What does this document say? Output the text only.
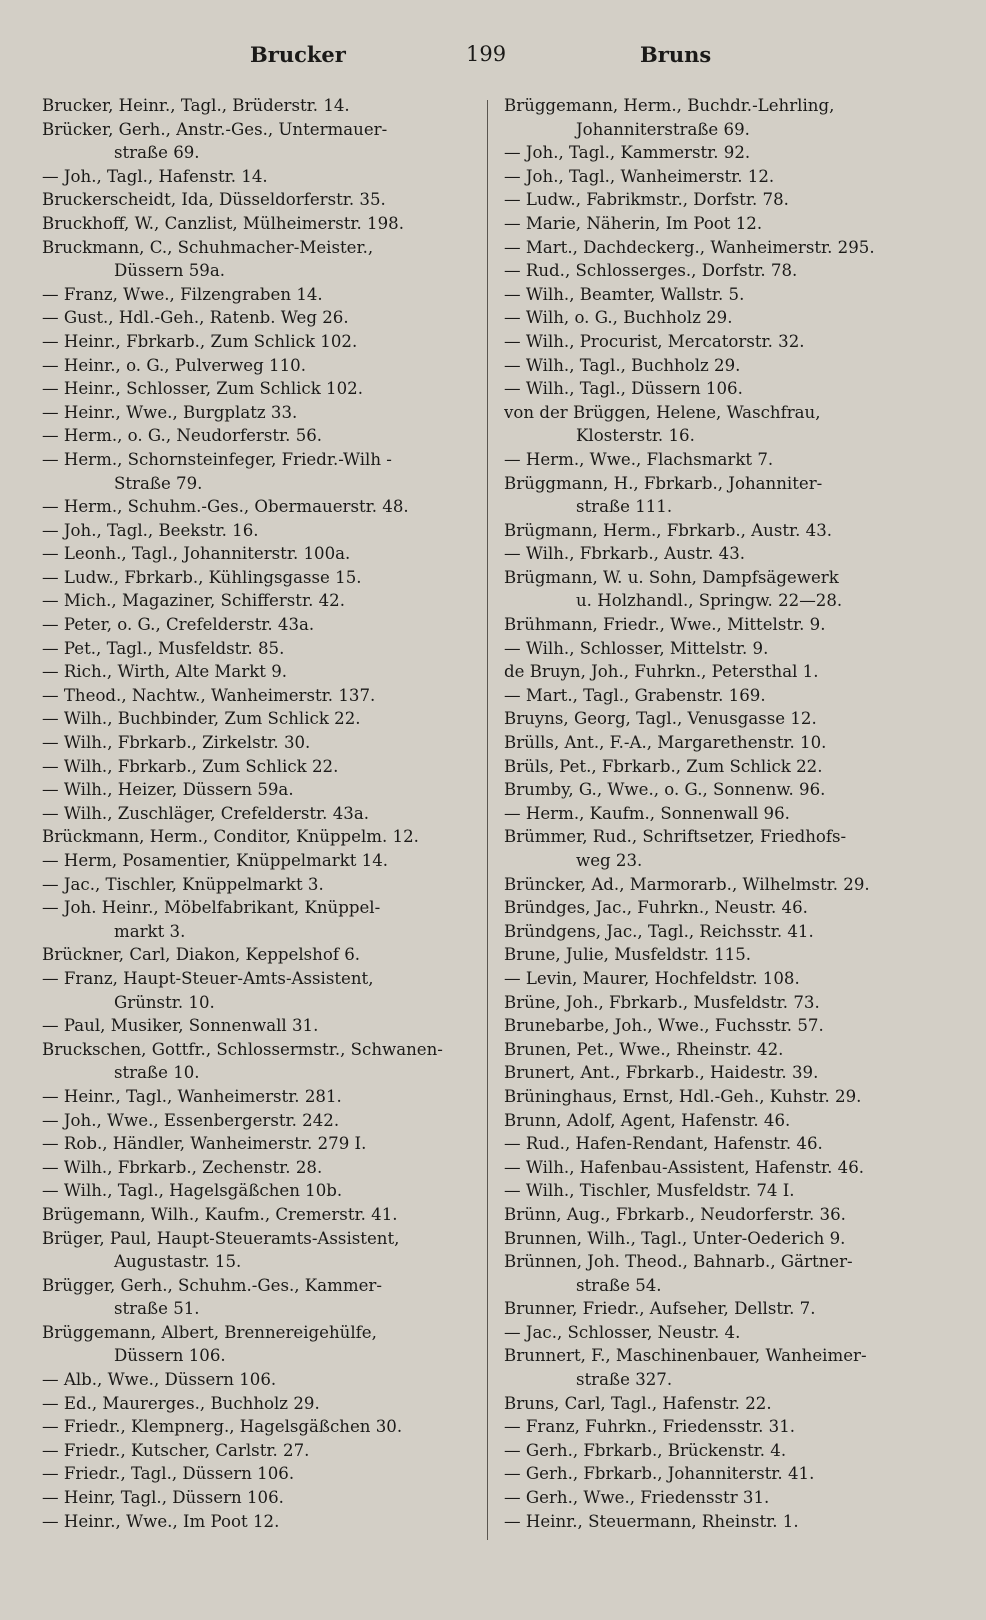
Brucker	199	Bruns
Brucker, Heinr., Tagl., Brüderstr. 14.
Brücker, Gerh., Anstr.-Ges., Untermauer-
straße 69.
— Joh., Tagl., Hafenstr. 14.
Bruckerscheidt, Ida, Düsseldorferstr. 35.
Bruckhoff, W., Canzlist, Mülheimerstr. 198.
Bruckmann, C., Schuhmacher-Meister.,
Düssern 59a.
— Franz, Wwe., Filzengraben 14.
— Gust., Hdl.-Geh., Ratenb. Weg 26.
— Heinr., Fbrkarb., Zum Schlick 102.
— Heinr., o. G., Pulverweg 110.
— Heinr., Schlosser, Zum Schlick 102.
— Heinr., Wwe., Burgplatz 33.
— Herm., o. G., Neudorferstr. 56.
— Herm., Schornsteinfeger, Friedr.-Wilh -
Straße 79.
— Herm., Schuhm.-Ges., Obermauerstr. 48.
— Joh., Tagl., Beekstr. 16.
— Leonh., Tagl., Johanniterstr. 100a.
— Ludw., Fbrkarb., Kühlingsgasse 15.
— Mich., Magaziner, Schifferstr. 42.
— Peter, o. G., Crefelderstr. 43a.
— Pet., Tagl., Musfeldstr. 85.
— Rich., Wirth, Alte Markt 9.
— Theod., Nachtw., Wanheimerstr. 137.
— Wilh., Buchbinder, Zum Schlick 22.
— Wilh., Fbrkarb., Zirkelstr. 30.
— Wilh., Fbrkarb., Zum Schlick 22.
— Wilh., Heizer, Düssern 59a.
— Wilh., Zuschläger, Crefelderstr. 43a.
Brückmann, Herm., Conditor, Knüppelm. 12.
— Herm, Posamentier, Knüppelmarkt 14.
— Jac., Tischler, Knüppelmarkt 3.
— Joh. Heinr., Möbelfabrikant, Knüppel-
markt 3.
Brückner, Carl, Diakon, Keppelshof 6.
— Franz, Haupt-Steuer-Amts-Assistent,
Grünstr. 10.
— Paul, Musiker, Sonnenwall 31.
Bruckschen, Gottfr., Schlossermstr., Schwanen-
straße 10.
— Heinr., Tagl., Wanheimerstr. 281.
— Joh., Wwe., Essenbergerstr. 242.
— Rob., Händler, Wanheimerstr. 279 I.
— Wilh., Fbrkarb., Zechenstr. 28.
— Wilh., Tagl., Hagelsgäßchen 10b.
Brügemann, Wilh., Kaufm., Cremerstr. 41.
Brüger, Paul, Haupt-Steueramts-Assistent,
Augustastr. 15.
Brügger, Gerh., Schuhm.-Ges., Kammer-
straße 51.
Brüggemann, Albert, Brennereigehülfe,
Düssern 106.
— Alb., Wwe., Düssern 106.
— Ed., Maurerges., Buchholz 29.
— Friedr., Klempnerg., Hagelsgäßchen 30.
— Friedr., Kutscher, Carlstr. 27.
— Friedr., Tagl., Düssern 106.
— Heinr, Tagl., Düssern 106.
— Heinr., Wwe., Im Poot 12.
Brüggemann, Herm., Buchdr.-Lehrling,
Johanniterstraße 69.
— Joh., Tagl., Kammerstr. 92.
— Joh., Tagl., Wanheimerstr. 12.
— Ludw., Fabrikmstr., Dorfstr. 78.
— Marie, Näherin, Im Poot 12.
— Mart., Dachdeckerg., Wanheimerstr. 295.
— Rud., Schlosserges., Dorfstr. 78.
— Wilh., Beamter, Wallstr. 5.
— Wilh, o. G., Buchholz 29.
— Wilh., Procurist, Mercatorstr. 32.
— Wilh., Tagl., Buchholz 29.
— Wilh., Tagl., Düssern 106.
von der Brüggen, Helene, Waschfrau,
Klosterstr. 16.
— Herm., Wwe., Flachsmarkt 7.
Brüggmann, H., Fbrkarb., Johanniter-
straße 111.
Brügmann, Herm., Fbrkarb., Austr. 43.
— Wilh., Fbrkarb., Austr. 43.
Brügmann, W. u. Sohn, Dampfsägewerk
u. Holzhandl., Springw. 22—28.
Brühmann, Friedr., Wwe., Mittelstr. 9.
— Wilh., Schlosser, Mittelstr. 9.
de Bruyn, Joh., Fuhrkn., Petersthal 1.
— Mart., Tagl., Grabenstr. 169.
Bruyns, Georg, Tagl., Venusgasse 12.
Brülls, Ant., F.-A., Margarethenstr. 10.
Brüls, Pet., Fbrkarb., Zum Schlick 22.
Brumby, G., Wwe., o. G., Sonnenw. 96.
— Herm., Kaufm., Sonnenwall 96.
Brümmer, Rud., Schriftsetzer, Friedhofs-
weg 23.
Brüncker, Ad., Marmorarb., Wilhelmstr. 29.
Bründges, Jac., Fuhrkn., Neustr. 46.
Bründgens, Jac., Tagl., Reichsstr. 41.
Brune, Julie, Musfeldstr. 115.
— Levin, Maurer, Hochfeldstr. 108.
Brüne, Joh., Fbrkarb., Musfeldstr. 73.
Brunebarbe, Joh., Wwe., Fuchsstr. 57.
Brunen, Pet., Wwe., Rheinstr. 42.
Brunert, Ant., Fbrkarb., Haidestr. 39.
Brüninghaus, Ernst, Hdl.-Geh., Kuhstr. 29.
Brunn, Adolf, Agent, Hafenstr. 46.
— Rud., Hafen-Rendant, Hafenstr. 46.
— Wilh., Hafenbau-Assistent, Hafenstr. 46.
— Wilh., Tischler, Musfeldstr. 74 I.
Brünn, Aug., Fbrkarb., Neudorferstr. 36.
Brunnen, Wilh., Tagl., Unter-Oederich 9.
Brünnen, Joh. Theod., Bahnarb., Gärtner-
straße 54.
Brunner, Friedr., Aufseher, Dellstr. 7.
— Jac., Schlosser, Neustr. 4.
Brunnert, F., Maschinenbauer, Wanheimer-
straße 327.
Bruns, Carl, Tagl., Hafenstr. 22.
— Franz, Fuhrkn., Friedensstr. 31.
— Gerh., Fbrkarb., Brückenstr. 4.
— Gerh., Fbrkarb., Johanniterstr. 41.
— Gerh., Wwe., Friedensstr 31.
— Heinr., Steuermann, Rheinstr. 1.
